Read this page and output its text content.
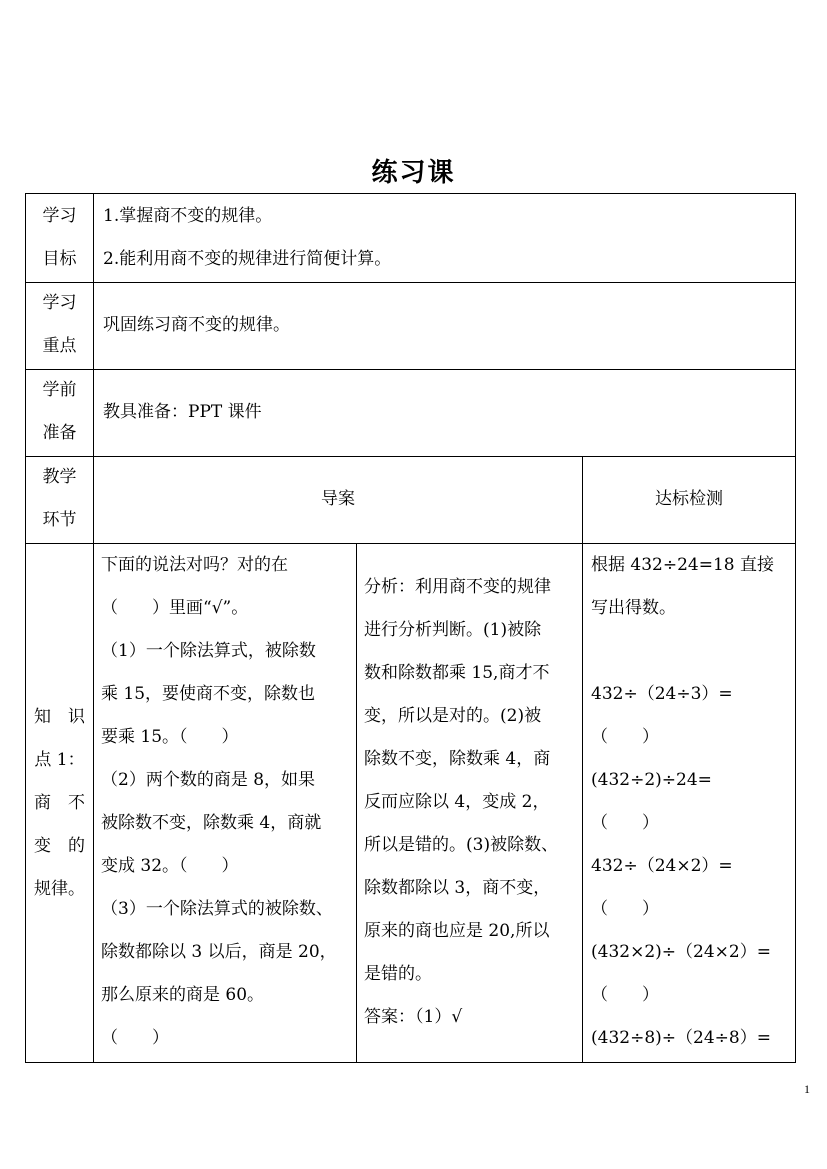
练习课
学习
目标
1.掌握商不变的规律。
2.能利用商不变的规律进行简便计算。
学习
重点
巩固练习商不变的规律。
学前
准备
教具准备：PPT 课件
教学
环节
导案	达标检测
知　识
点 1：
商　不
变　的
规律。
下面的说法对吗？对的在
（　　）里画“√”。
（1）一个除法算式，被除数
乘 15，要使商不变，除数也
要乘 15。（　　）
（2）两个数的商是 8，如果
被除数不变，除数乘 4，商就
变成 32。（　　）
（3）一个除法算式的被除数、
除数都除以 3 以后，商是 20，
那么原来的商是 60。
（　　）
分析：利用商不变的规律
进行分析判断。(1)被除
数和除数都乘 15,商才不
变，所以是对的。(2)被
除数不变，除数乘 4，商
反而应除以 4，变成 2，
所以是错的。(3)被除数、
除数都除以 3，商不变，
原来的商也应是 20,所以
是错的。
答案：（1）√
根据 432÷24=18 直接
写出得数。
432÷（24÷3）=
（　　）
(432÷2)÷24=
（　　）
432÷（24×2）=
（　　）
(432×2)÷（24×2）=
（　　）
(432÷8)÷（24÷8）=
1
